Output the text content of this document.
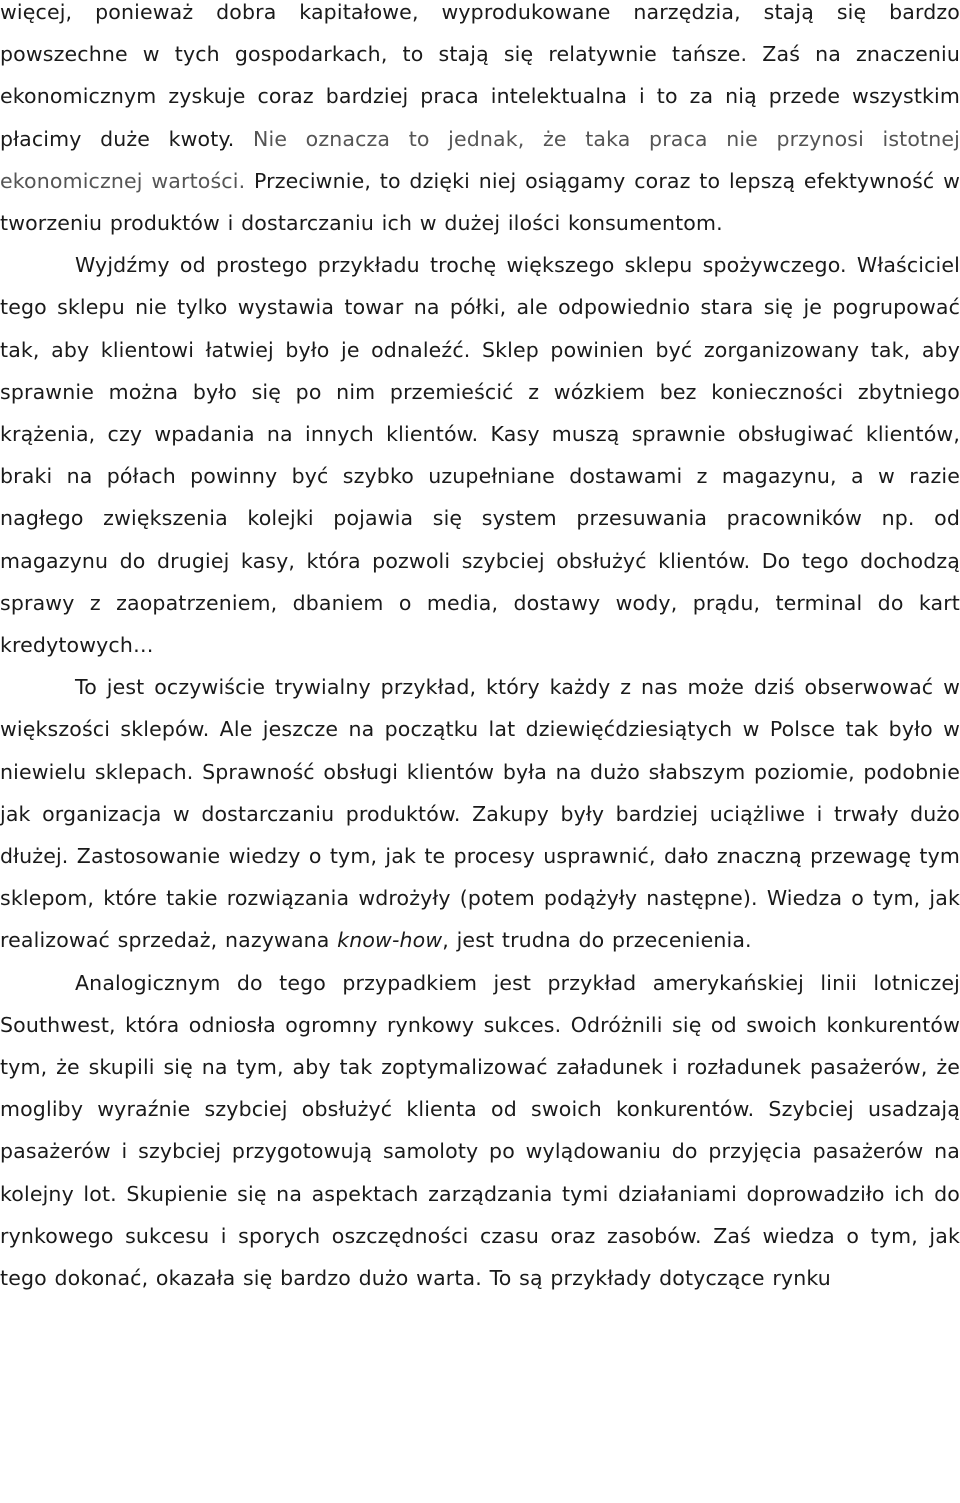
więcej, ponieważ dobra kapitałowe, wyprodukowane narzędzia, stają się bardzo powszechne w tych gospodarkach, to stają się relatywnie tańsze. Zaś na znaczeniu ekonomicznym zyskuje coraz bardziej praca intelektualna i to za nią przede wszystkim płacimy duże kwoty. Nie oznacza to jednak, że taka praca nie przynosi istotnej ekonomicznej wartości. Przeciwnie, to dzięki niej osiągamy coraz to lepszą efektywność w tworzeniu produktów i dostarczaniu ich w dużej ilości konsumentom.

Wyjdźmy od prostego przykładu trochę większego sklepu spożywczego. Właściciel tego sklepu nie tylko wystawia towar na półki, ale odpowiednio stara się je pogrupować tak, aby klientowi łatwiej było je odnaleźć. Sklep powinien być zorganizowany tak, aby sprawnie można było się po nim przemieścić z wózkiem bez konieczności zbytniego krążenia, czy wpadania na innych klientów. Kasy muszą sprawnie obsługiwać klientów, braki na półach powinny być szybko uzupełniane dostawami z magazynu, a w razie nagłego zwiększenia kolejki pojawia się system przesuwania pracowników np. od magazynu do drugiej kasy, która pozwoli szybciej obsłużyć klientów. Do tego dochodzą sprawy z zaopatrzeniem, dbaniem o media, dostawy wody, prądu, terminal do kart kredytowych…

To jest oczywiście trywialny przykład, który każdy z nas może dziś obserwować w większości sklepów. Ale jeszcze na początku lat dziewięćdziesiątych w Polsce tak było w niewielu sklepach. Sprawność obsługi klientów była na dużo słabszym poziomie, podobnie jak organizacja w dostarczaniu produktów. Zakupy były bardziej uciążliwe i trwały dużo dłużej. Zastosowanie wiedzy o tym, jak te procesy usprawnić, dało znaczną przewagę tym sklepom, które takie rozwiązania wdrożyły (potem podążyły następne). Wiedza o tym, jak realizować sprzedaż, nazywana know-how, jest trudna do przecenienia.

Analogicznym do tego przypadkiem jest przykład amerykańskiej linii lotniczej Southwest, która odniosła ogromny rynkowy sukces. Odróżnili się od swoich konkurentów tym, że skupili się na tym, aby tak zoptymalizować załadunek i rozładunek pasażerów, że mogliby wyraźnie szybciej obsłużyć klienta od swoich konkurentów. Szybciej usadzają pasażerów i szybciej przygotowują samoloty po wylądowaniu do przyjęcia pasażerów na kolejny lot. Skupienie się na aspektach zarządzania tymi działaniami doprowadziło ich do rynkowego sukcesu i sporych oszczędności czasu oraz zasobów. Zaś wiedza o tym, jak tego dokonać, okazała się bardzo dużo warta. To są przykłady dotyczące rynku
